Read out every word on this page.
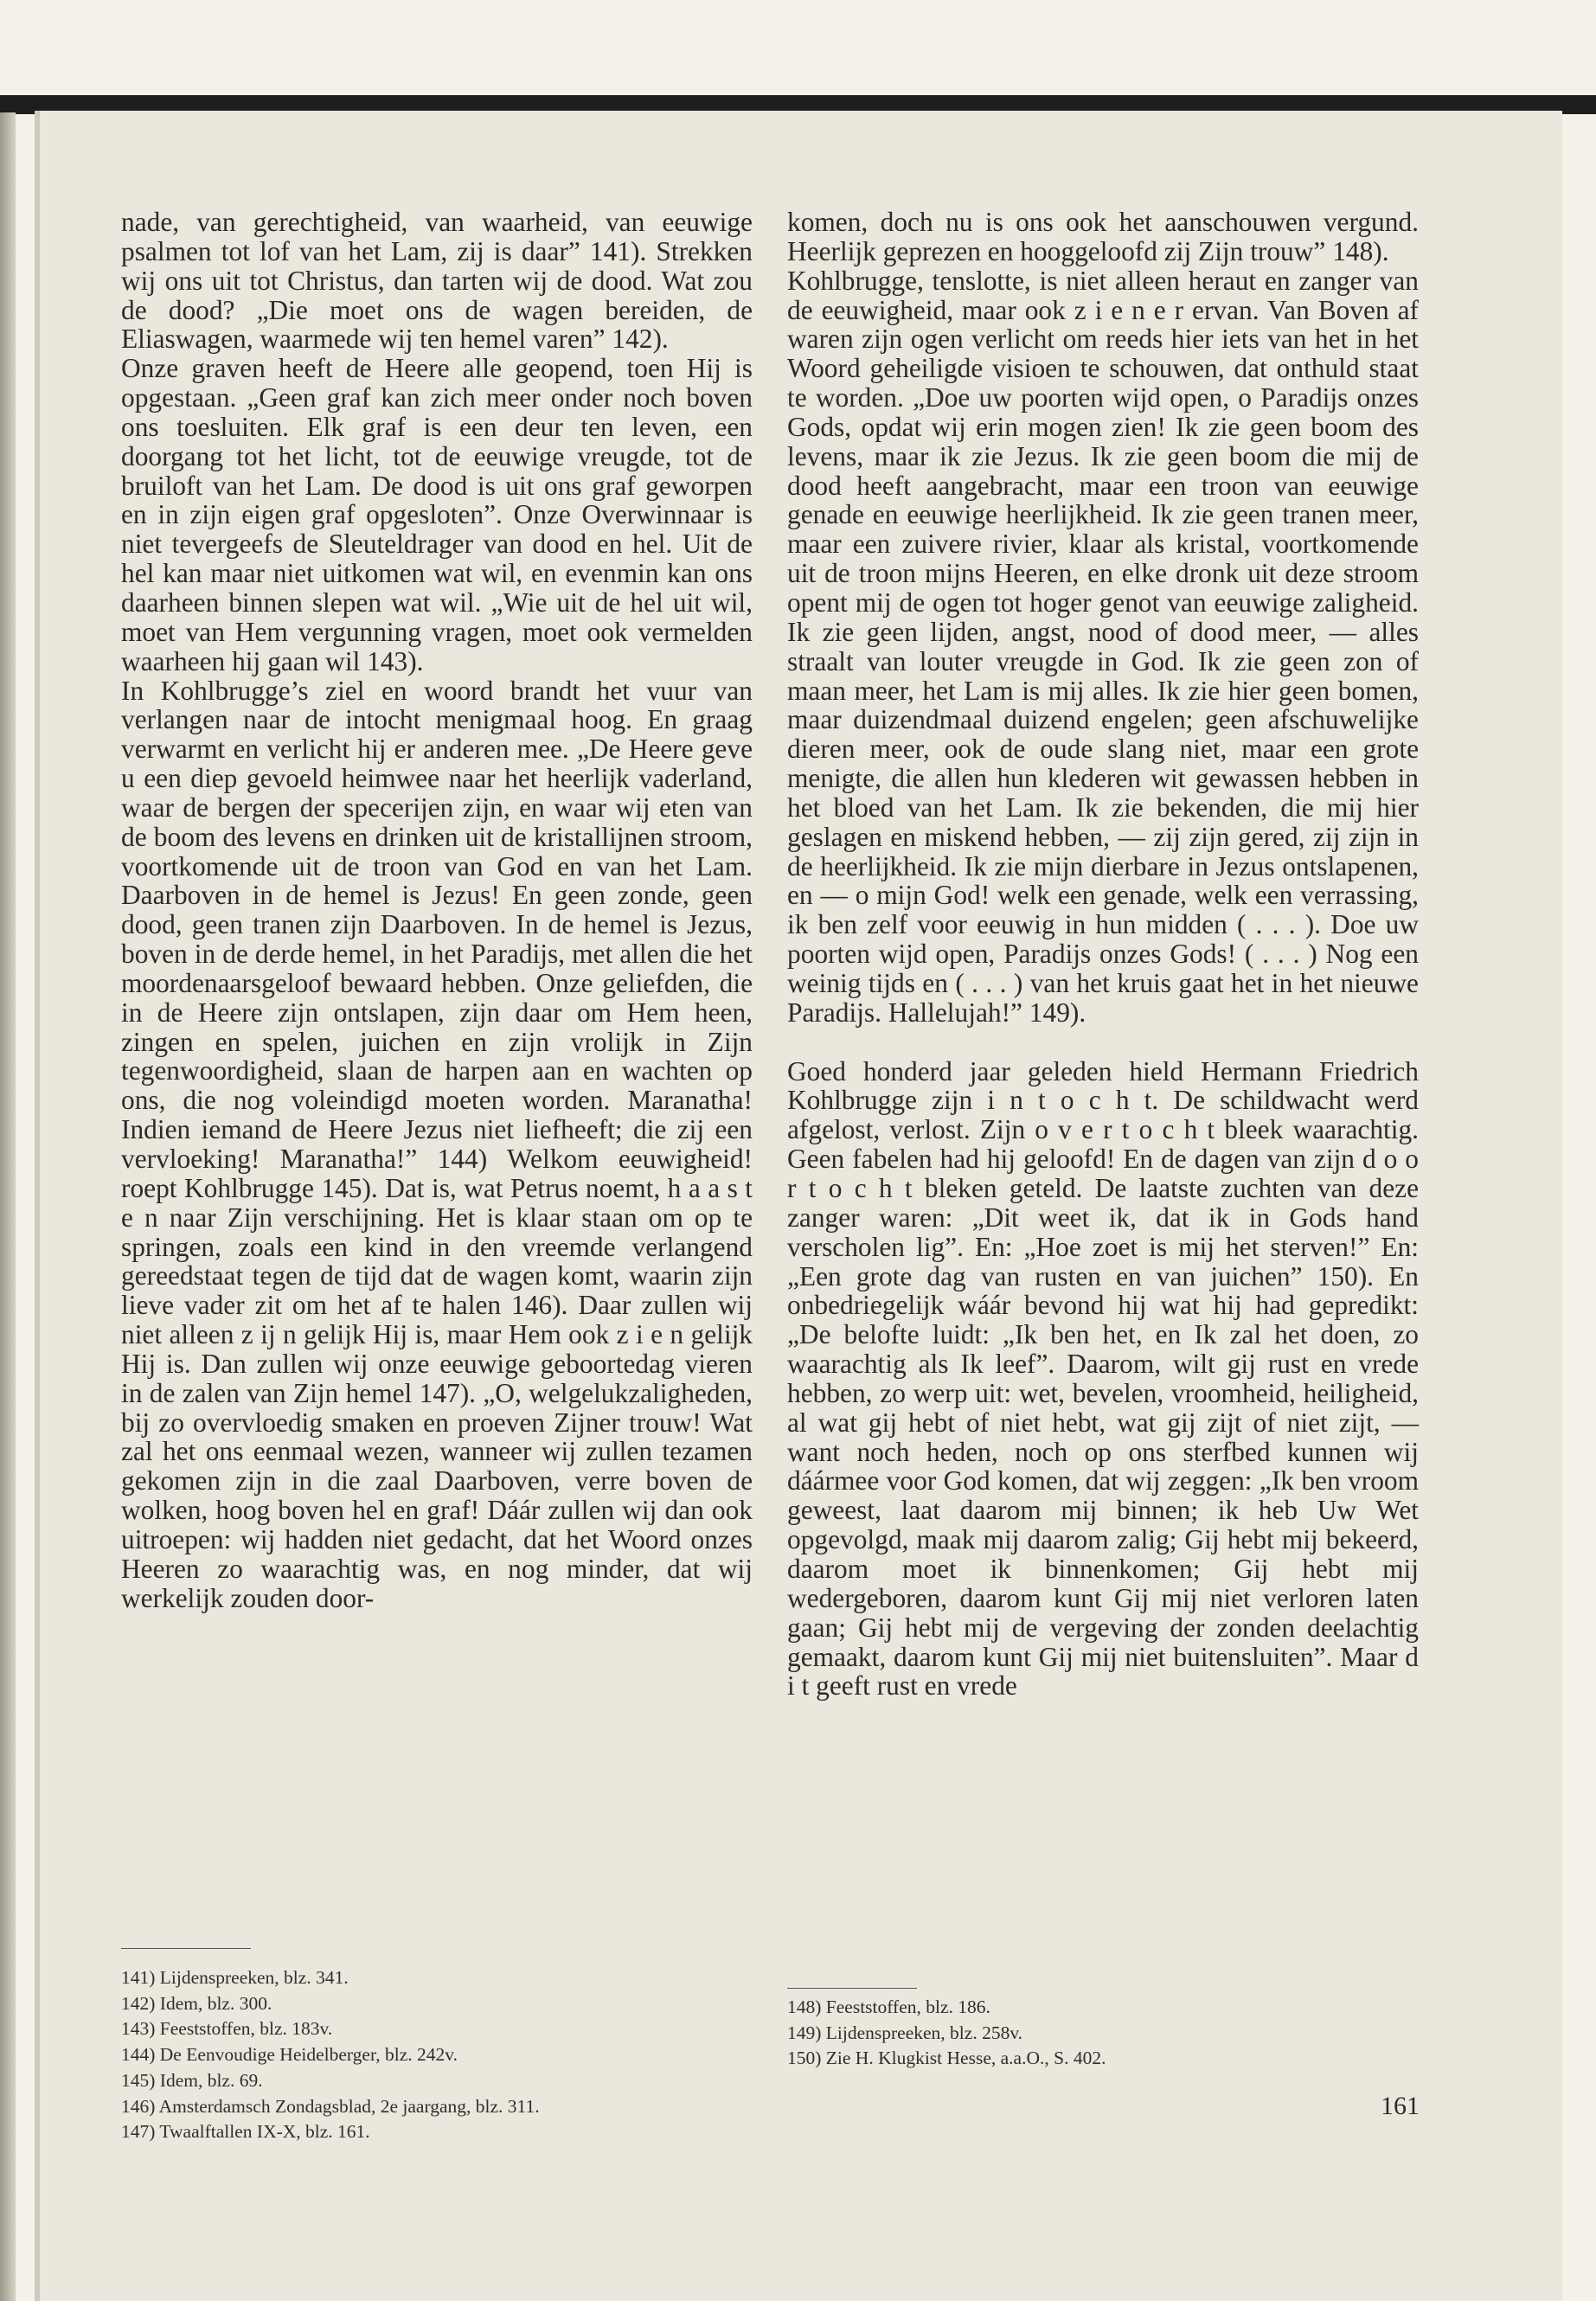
nade, van gerechtigheid, van waarheid, van eeuwige psalmen tot lof van het Lam, zij is daar” 141). Strekken wij ons uit tot Christus, dan tarten wij de dood. Wat zou de dood? „Die moet ons de wagen bereiden, de Eliaswagen, waarmede wij ten hemel varen” 142).

Onze graven heeft de Heere alle geopend, toen Hij is opgestaan. „Geen graf kan zich meer onder noch boven ons toesluiten. Elk graf is een deur ten leven, een doorgang tot het licht, tot de eeuwige vreugde, tot de bruiloft van het Lam. De dood is uit ons graf geworpen en in zijn eigen graf opgesloten”. Onze Overwinnaar is niet tevergeefs de Sleuteldrager van dood en hel. Uit de hel kan maar niet uitkomen wat wil, en evenmin kan ons daarheen binnen slepen wat wil. „Wie uit de hel uit wil, moet van Hem vergunning vragen, moet ook vermelden waarheen hij gaan wil 143).

In Kohlbrugge’s ziel en woord brandt het vuur van verlangen naar de intocht menigmaal hoog. En graag verwarmt en verlicht hij er anderen mee. „De Heere geve u een diep gevoeld heimwee naar het heerlijk vaderland, waar de bergen der specerijen zijn, en waar wij eten van de boom des levens en drinken uit de kristallijnen stroom, voortkomende uit de troon van God en van het Lam. Daarboven in de hemel is Jezus! En geen zonde, geen dood, geen tranen zijn Daarboven. In de hemel is Jezus, boven in de derde hemel, in het Paradijs, met allen die het moordenaarsgeloof bewaard hebben. Onze geliefden, die in de Heere zijn ontslapen, zijn daar om Hem heen, zingen en spelen, juichen en zijn vrolijk in Zijn tegenwoordigheid, slaan de harpen aan en wachten op ons, die nog voleindigd moeten worden. Maranatha! Indien iemand de Heere Jezus niet liefheeft; die zij een vervloeking! Maranatha!” 144) Welkom eeuwigheid! roept Kohlbrugge 145). Dat is, wat Petrus noemt, h a a s t e n naar Zijn verschijning. Het is klaar staan om op te springen, zoals een kind in den vreemde verlangend gereedstaat tegen de tijd dat de wagen komt, waarin zijn lieve vader zit om het af te halen 146). Daar zullen wij niet alleen z ij n gelijk Hij is, maar Hem ook z i e n gelijk Hij is. Dan zullen wij onze eeuwige geboortedag vieren in de zalen van Zijn hemel 147). „O, welgelukzaligheden, bij zo overvloedig smaken en proeven Zijner trouw! Wat zal het ons eenmaal wezen, wanneer wij zullen tezamen gekomen zijn in die zaal Daarboven, verre boven de wolken, hoog boven hel en graf! Dáár zullen wij dan ook uitroepen: wij hadden niet gedacht, dat het Woord onzes Heeren zo waarachtig was, en nog minder, dat wij werkelijk zouden door-

komen, doch nu is ons ook het aanschouwen vergund. Heerlijk geprezen en hooggeloofd zij Zijn trouw” 148).

Kohlbrugge, tenslotte, is niet alleen heraut en zanger van de eeuwigheid, maar ook z i e n e r ervan. Van Boven af waren zijn ogen verlicht om reeds hier iets van het in het Woord geheiligde visioen te schouwen, dat onthuld staat te worden. „Doe uw poorten wijd open, o Paradijs onzes Gods, opdat wij erin mogen zien! Ik zie geen boom des levens, maar ik zie Jezus. Ik zie geen boom die mij de dood heeft aangebracht, maar een troon van eeuwige genade en eeuwige heerlijkheid. Ik zie geen tranen meer, maar een zuivere rivier, klaar als kristal, voortkomende uit de troon mijns Heeren, en elke dronk uit deze stroom opent mij de ogen tot hoger genot van eeuwige zaligheid. Ik zie geen lijden, angst, nood of dood meer, — alles straalt van louter vreugde in God. Ik zie geen zon of maan meer, het Lam is mij alles. Ik zie hier geen bomen, maar duizendmaal duizend engelen; geen afschuwelijke dieren meer, ook de oude slang niet, maar een grote menigte, die allen hun klederen wit gewassen hebben in het bloed van het Lam. Ik zie bekenden, die mij hier geslagen en miskend hebben, — zij zijn gered, zij zijn in de heerlijkheid. Ik zie mijn dierbare in Jezus ontslapenen, en — o mijn God! welk een genade, welk een verrassing, ik ben zelf voor eeuwig in hun midden ( . . . ). Doe uw poorten wijd open, Paradijs onzes Gods! ( . . . ) Nog een weinig tijds en ( . . . ) van het kruis gaat het in het nieuwe Paradijs. Hallelujah!” 149).

Goed honderd jaar geleden hield Hermann Friedrich Kohlbrugge zijn i n t o c h t. De schildwacht werd afgelost, verlost. Zijn o v e r t o c h t bleek waarachtig. Geen fabelen had hij geloofd! En de dagen van zijn d o o r t o c h t bleken geteld. De laatste zuchten van deze zanger waren: „Dit weet ik, dat ik in Gods hand verscholen lig”. En: „Hoe zoet is mij het sterven!” En: „Een grote dag van rusten en van juichen” 150). En onbedriegelijk wáár bevond hij wat hij had gepredikt: „De belofte luidt: „Ik ben het, en Ik zal het doen, zo waarachtig als Ik leef”. Daarom, wilt gij rust en vrede hebben, zo werp uit: wet, bevelen, vroomheid, heiligheid, al wat gij hebt of niet hebt, wat gij zijt of niet zijt, — want noch heden, noch op ons sterfbed kunnen wij dáármee voor God komen, dat wij zeggen: „Ik ben vroom geweest, laat daarom mij binnen; ik heb Uw Wet opgevolgd, maak mij daarom zalig; Gij hebt mij bekeerd, daarom moet ik binnenkomen; Gij hebt mij wedergeboren, daarom kunt Gij mij niet verloren laten gaan; Gij hebt mij de vergeving der zonden deelachtig gemaakt, daarom kunt Gij mij niet buitensluiten”. Maar d i t geeft rust en vrede

141) Lijdenspreeken, blz. 341.
142) Idem, blz. 300.
143) Feeststoffen, blz. 183v.
144) De Eenvoudige Heidelberger, blz. 242v.
145) Idem, blz. 69.
146) Amsterdamsch Zondagsblad, 2e jaargang, blz. 311.
147) Twaalftallen IX-X, blz. 161.
148) Feeststoffen, blz. 186.
149) Lijdenspreeken, blz. 258v.
150) Zie H. Klugkist Hesse, a.a.O., S. 402.
161
